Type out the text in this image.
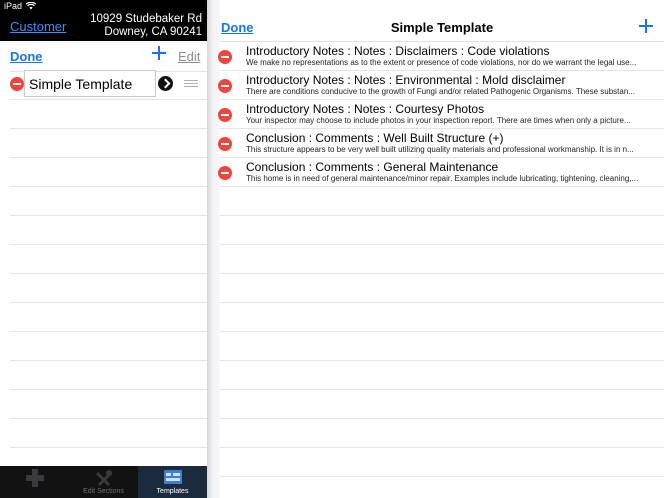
iPad
Customer 10929 Studebaker Rd
Downey, CA 90241
Done	Edit
Simple Template
Edit Sections	Templates
Done	Simple Template
Introductory Notes : Notes : Disclaimers : Code violations
We make no representations as to the extent or presence of code violations, nor do we warrant the legal use...
Introductory Notes : Notes : Environmental : Mold disclaimer
There are conditions conducive to the growth of Fungi and/or related Pathogenic Organisms. These substan...
Introductory Notes : Notes : Courtesy Photos
Your inspector may choose to include photos in your inspection report. There are times when only a picture...
Conclusion : Comments : Well Built Structure (+)
This structure appears to be very well built utilizing quality materials and professional workmanship. It is in n...
Conclusion : Comments : General Maintenance
This home is in need of general maintenance/minor repair. Examples include lubricating, tightening, cleaning,...
